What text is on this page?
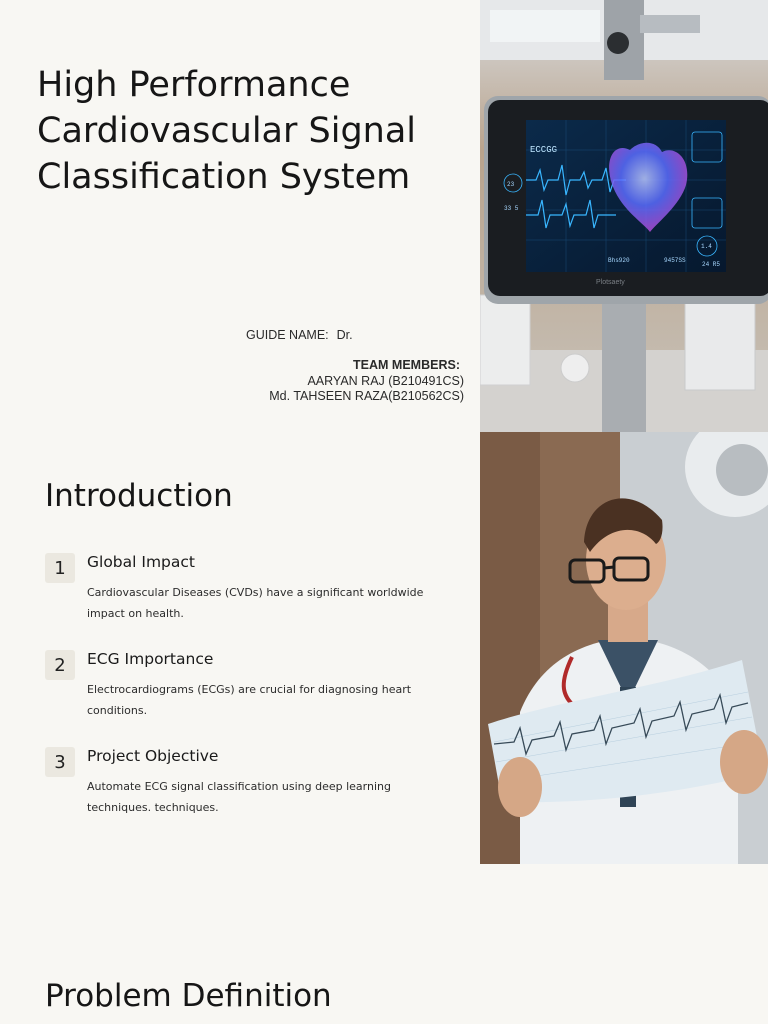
High Performance
Cardiovascular Signal
Classification System

GUIDE NAME: Dr.

TEAM MEMBERS:
AARYAN RAJ (B210491CS)
Md. TAHSEEN RAZA(B210562CS)
ECCGG
23
33 5
1.4
Bhs920	9457SS
24 R5
Plotsaety
Introduction
1	Global Impact

Cardiovascular Diseases (CVDs) have a significant worldwide impact on health.

2	ECG Importance

Electrocardiograms (ECGs) are crucial for diagnosing heart conditions.

3	Project Objective

Automate ECG signal classification using deep learning techniques. techniques.

Problem Definition
